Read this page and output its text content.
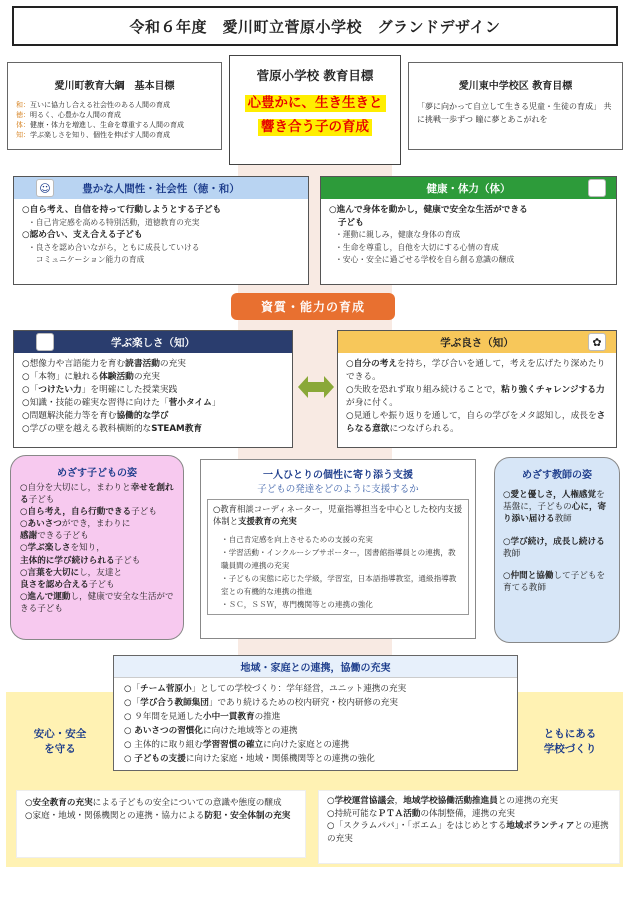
令和６年度　愛川町立菅原小学校　グランドデザイン
愛川町教育大綱　基本目標
和：互いに協力し合える社会性のある人間の育成
徳：明るく、心豊かな人間の育成
体：健康・体力を増進し、生命を尊重する人間の育成
知：学ぶ楽しさを知り、個性を伸ばす人間の育成
菅原小学校 教育目標
心豊かに、生き生きと
響き合う子の育成
愛川東中学校区 教育目標
「夢に向かって自立して生きる児童・生徒の育成」 共に挑戦一歩ずつ 瞳に夢とあこがれを
☺	豊かな人間性・社会性（徳・和）
○自ら考え、自信を持って行動しようとする子ども
・自己肯定感を高める特別活動，道徳教育の充実
○認め合い、支え合える子ども
・良さを認め合いながら，ともに成長していける
　コミュニケーション能力の育成
健康・体力（体）	☻
○進んで身体を動かし，健康で安全な生活ができる
　子ども
・運動に親しみ，健康な身体の育成
・生命を尊重し，自他を大切にする心情の育成
・安心・安全に過ごせる学校を自ら創る意識の醸成
資質・能力の育成
✦	学ぶ楽しさ（知）
○想像力や言語能力を育む読書活動の充実
○「本物」に触れる体験活動の充実
○「つけたい力」を明確にした授業実践
○知識・技能の確実な習得に向けた「菅小タイム」
○問題解決能力等を育む協働的な学び
○学びの壁を越える教科横断的なSTEAM教育
学ぶ良さ（知）	✿
○自分の考えを持ち，学び合いを通して，考えを広げたり深めたりできる。
○失敗を恐れず取り組み続けることで，粘り強くチャレンジする力が身に付く。
○見通しや振り返りを通して，自らの学びをメタ認知し，成長をさらなる意欲につなげられる。
めざす子どもの姿
○自分を大切にし，まわりと幸せを創れる子ども
○自ら考え，自ら行動できる子ども
○あいさつができ，まわりに
感謝できる子ども
○学ぶ楽しさを知り，
主体的に学び続けられる子ども
○言葉を大切にし，友達と
良さを認め合える子ども
○進んで運動し，健康で安全な生活ができる子ども
一人ひとりの個性に寄り添う支援
子どもの発達をどのように支援するか
○教育相談コーディネーター，児童指導担当を中心とした校内支援体制と支援教育の充実
・自己肯定感を向上させるための支援の充実
・学習活動・インクルーシブサポーター，図書館指導員との連携，教職員間の連携の充実
・子どもの実態に応じた学級，学習室，日本語指導教室，通級指導教室との有機的な連携の推進
・ＳＣ，ＳＳＷ，専門機関等との連携の強化
めざす教師の姿
○愛と優しさ，人権感覚を基盤に，子どもの心に，寄り添い届ける教師
○学び続け，成長し続ける教師
○仲間と協働して子どもを育てる教師
地域・家庭との連携，協働の充実
○「チーム菅原小」としての学校づくり：学年経営，ユニット連携の充実
○「学び合う教師集団」であり続けるための校内研究・校内研修の充実
○ ９年間を見通した小中一貫教育の推進
○ あいさつの習慣化に向けた地域等との連携
○ 主体的に取り組む学習習慣の確立に向けた家庭との連携
○ 子どもの支援に向けた家庭・地域・関係機関等との連携の強化
安心・安全
を守る
ともにある
学校づくり
○安全教育の充実による子どもの安全についての意識や態度の醸成
○家庭・地域・関係機関との連携・協力による防犯・安全体制の充実
○学校運営協議会，地域学校協働活動推進員との連携の充実
○持続可能なＰＴＡ活動の体制整備，連携の充実
○「スクラムパパ」・「ポエム」をはじめとする地域ボランティアとの連携の充実
